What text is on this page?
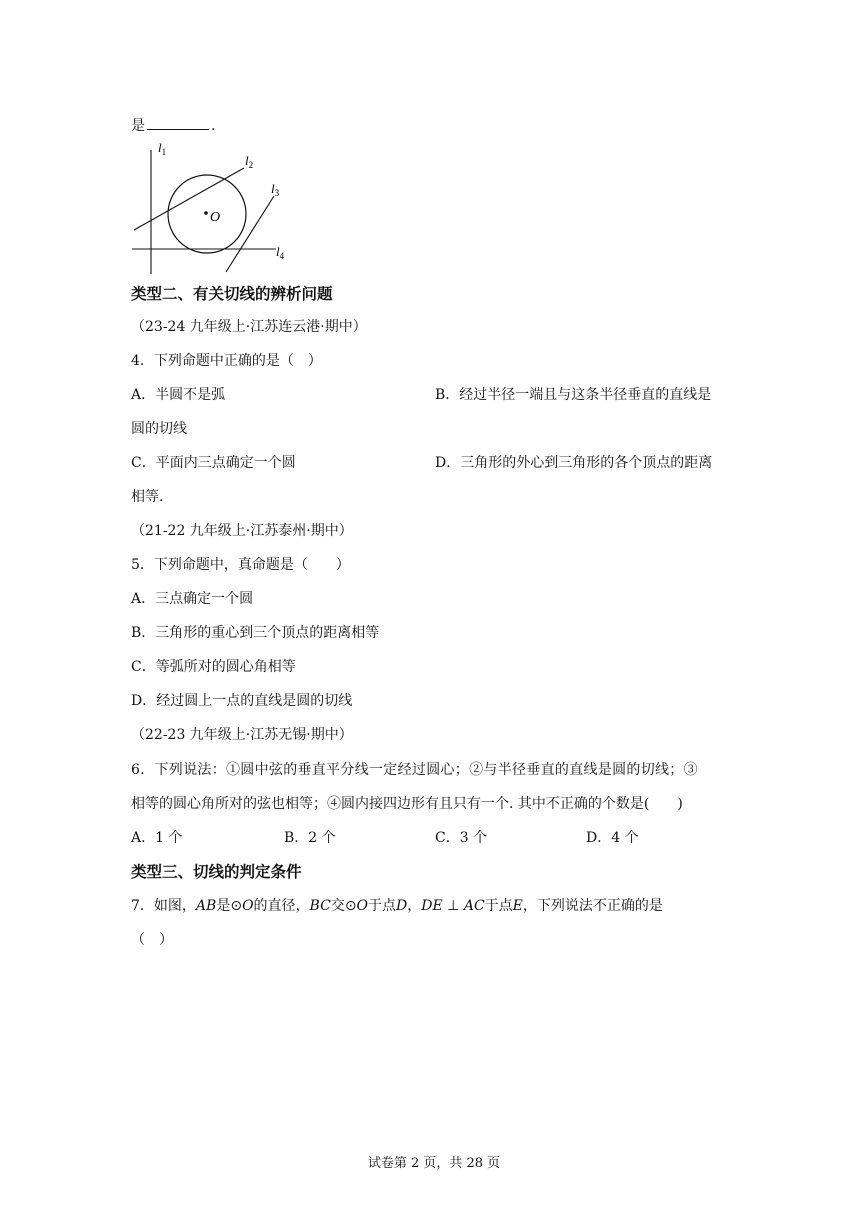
是	.
O
$l_1$
$l_2$
$l_3$
$l_4$
类型二、有关切线的辨析问题
（23-24 九年级上·江苏连云港·期中）
4．下列命题中正确的是（　）
A．半圆不是弧	B．经过半径一端且与这条半径垂直的直线是
圆的切线
C．平面内三点确定一个圆	D．三角形的外心到三角形的各个顶点的距离
相等.
（21-22 九年级上·江苏泰州·期中）
5．下列命题中，真命题是（　　）
A．三点确定一个圆
B．三角形的重心到三个顶点的距离相等
C．等弧所对的圆心角相等
D．经过圆上一点的直线是圆的切线
（22-23 九年级上·江苏无锡·期中）
6．下列说法：①圆中弦的垂直平分线一定经过圆心；②与半径垂直的直线是圆的切线；③
相等的圆心角所对的弦也相等；④圆内接四边形有且只有一个. 其中不正确的个数是(　　)
A．1 个	B．2 个	C．3 个	D．4 个
类型三、切线的判定条件
7．如图，AB是⊙O的直径，BC交⊙O于点D，DE ⊥ AC于点E，下列说法不正确的是
（　）
试卷第 2 页，共 28 页
